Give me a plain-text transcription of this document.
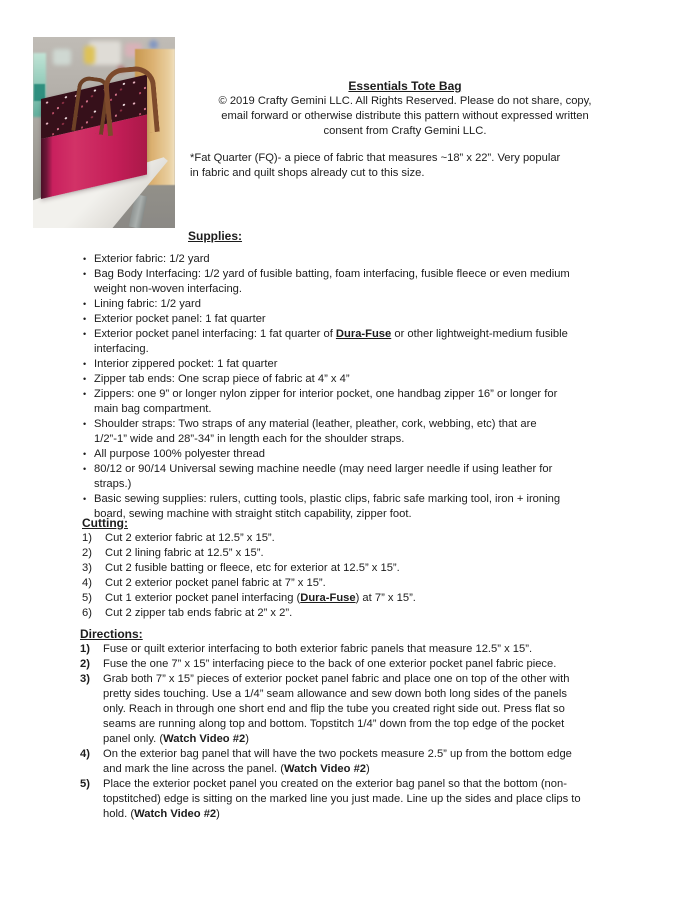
Essentials Tote Bag
© 2019 Crafty Gemini LLC. All Rights Reserved. Please do not share, copy,
email forward or otherwise distribute this pattern without expressed written
consent from Crafty Gemini LLC.
*Fat Quarter (FQ)- a piece of fabric that measures ~18” x 22”. Very popular
in fabric and quilt shops already cut to this size.
Supplies:
• Exterior fabric: 1/2 yard
• Bag Body Interfacing: 1/2 yard of fusible batting, foam interfacing, fusible fleece or even medium weight non-woven interfacing.
• Lining fabric: 1/2 yard
• Exterior pocket panel: 1 fat quarter
• Exterior pocket panel interfacing: 1 fat quarter of Dura-Fuse or other lightweight-medium fusible interfacing.
• Interior zippered pocket: 1 fat quarter
• Zipper tab ends: One scrap piece of fabric at 4” x 4”
• Zippers: one 9” or longer nylon zipper for interior pocket, one handbag zipper 16” or longer for main bag compartment.
• Shoulder straps: Two straps of any material (leather, pleather, cork, webbing, etc) that are 1/2”-1” wide and 28”-34” in length each for the shoulder straps.
• All purpose 100% polyester thread
• 80/12 or 90/14 Universal sewing machine needle (may need larger needle if using leather for straps.)
• Basic sewing supplies: rulers, cutting tools, plastic clips, fabric safe marking tool, iron + ironing board, sewing machine with straight stitch capability, zipper foot.
Cutting:
1)	Cut 2 exterior fabric at 12.5” x 15”.
2)	Cut 2 lining fabric at 12.5” x 15”.
3)	Cut 2 fusible batting or fleece, etc for exterior at 12.5” x 15”.
4)	Cut 2 exterior pocket panel fabric at 7” x 15”.
5)	Cut 1 exterior pocket panel interfacing (Dura-Fuse) at 7” x 15”.
6)	Cut 2 zipper tab ends fabric at 2” x 2”.
Directions:
1)	Fuse or quilt exterior interfacing to both exterior fabric panels that measure 12.5” x 15”.
2)	Fuse the one 7” x 15” interfacing piece to the back of one exterior pocket panel fabric piece.
3)	Grab both 7” x 15” pieces of exterior pocket panel fabric and place one on top of the other with pretty sides touching. Use a 1/4” seam allowance and sew down both long sides of the panels only. Reach in through one short end and flip the tube you created right side out. Press flat so seams are running along top and bottom. Topstitch 1/4” down from the top edge of the pocket panel only. (Watch Video #2)
4)	On the exterior bag panel that will have the two pockets measure 2.5” up from the bottom edge and mark the line across the panel. (Watch Video #2)
5)	Place the exterior pocket panel you created on the exterior bag panel so that the bottom (non-topstitched) edge is sitting on the marked line you just made. Line up the sides and place clips to hold. (Watch Video #2)
